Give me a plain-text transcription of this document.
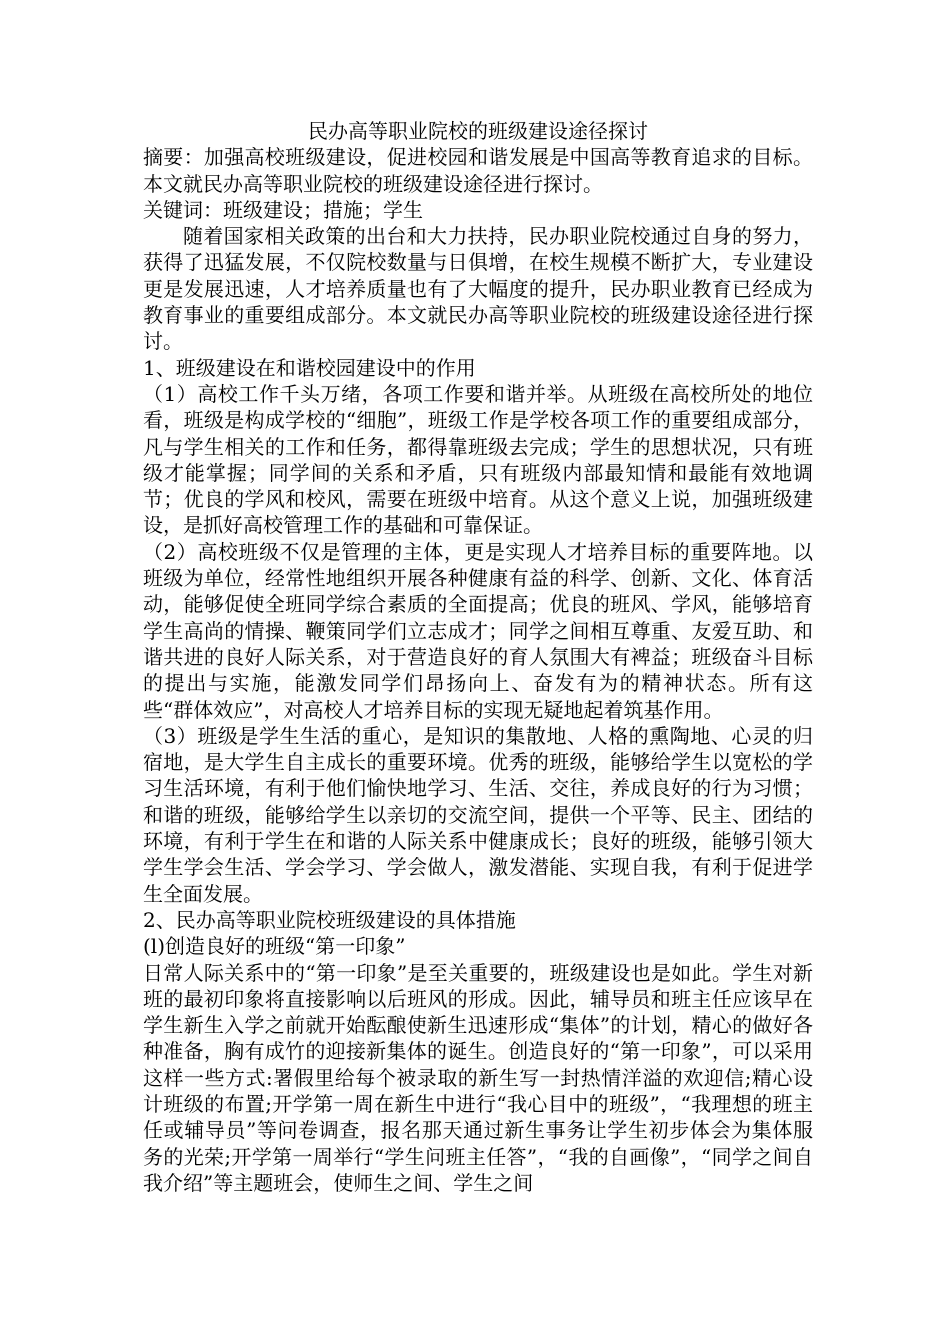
民办高等职业院校的班级建设途径探讨

摘要：加强高校班级建设，促进校园和谐发展是中国高等教育追求的目标。本文就民办高等职业院校的班级建设途径进行探讨。

关键词：班级建设；措施；学生

随着国家相关政策的出台和大力扶持，民办职业院校通过自身的努力，获得了迅猛发展，不仅院校数量与日俱增，在校生规模不断扩大，专业建设更是发展迅速，人才培养质量也有了大幅度的提升，民办职业教育已经成为教育事业的重要组成部分。本文就民办高等职业院校的班级建设途径进行探讨。

1、班级建设在和谐校园建设中的作用

（1）高校工作千头万绪，各项工作要和谐并举。从班级在高校所处的地位看，班级是构成学校的“细胞”，班级工作是学校各项工作的重要组成部分，凡与学生相关的工作和任务，都得靠班级去完成；学生的思想状况，只有班级才能掌握；同学间的关系和矛盾，只有班级内部最知情和最能有效地调节；优良的学风和校风，需要在班级中培育。从这个意义上说，加强班级建设，是抓好高校管理工作的基础和可靠保证。

（2）高校班级不仅是管理的主体，更是实现人才培养目标的重要阵地。以班级为单位，经常性地组织开展各种健康有益的科学、创新、文化、体育活动，能够促使全班同学综合素质的全面提高；优良的班风、学风，能够培育学生高尚的情操、鞭策同学们立志成才；同学之间相互尊重、友爱互助、和谐共进的良好人际关系，对于营造良好的育人氛围大有裨益；班级奋斗目标的提出与实施，能激发同学们昂扬向上、奋发有为的精神状态。所有这些“群体效应”，对高校人才培养目标的实现无疑地起着筑基作用。

（3）班级是学生生活的重心，是知识的集散地、人格的熏陶地、心灵的归宿地，是大学生自主成长的重要环境。优秀的班级，能够给学生以宽松的学习生活环境，有利于他们愉快地学习、生活、交往，养成良好的行为习惯；和谐的班级，能够给学生以亲切的交流空间，提供一个平等、民主、团结的环境，有利于学生在和谐的人际关系中健康成长；良好的班级，能够引领大学生学会生活、学会学习、学会做人，激发潜能、实现自我，有利于促进学生全面发展。

2、民办高等职业院校班级建设的具体措施

(l)创造良好的班级“第一印象”

日常人际关系中的“第一印象”是至关重要的，班级建设也是如此。学生对新班的最初印象将直接影响以后班风的形成。因此，辅导员和班主任应该早在学生新生入学之前就开始酝酿使新生迅速形成“集体”的计划，精心的做好各种准备，胸有成竹的迎接新集体的诞生。创造良好的“第一印象”，可以采用这样一些方式:署假里给每个被录取的新生写一封热情洋溢的欢迎信;精心设计班级的布置;开学第一周在新生中进行“我心目中的班级”，“我理想的班主任或辅导员”等问卷调查，报名那天通过新生事务让学生初步体会为集体服务的光荣;开学第一周举行“学生问班主任答”，“我的自画像”，“同学之间自我介绍”等主题班会，使师生之间、学生之间
